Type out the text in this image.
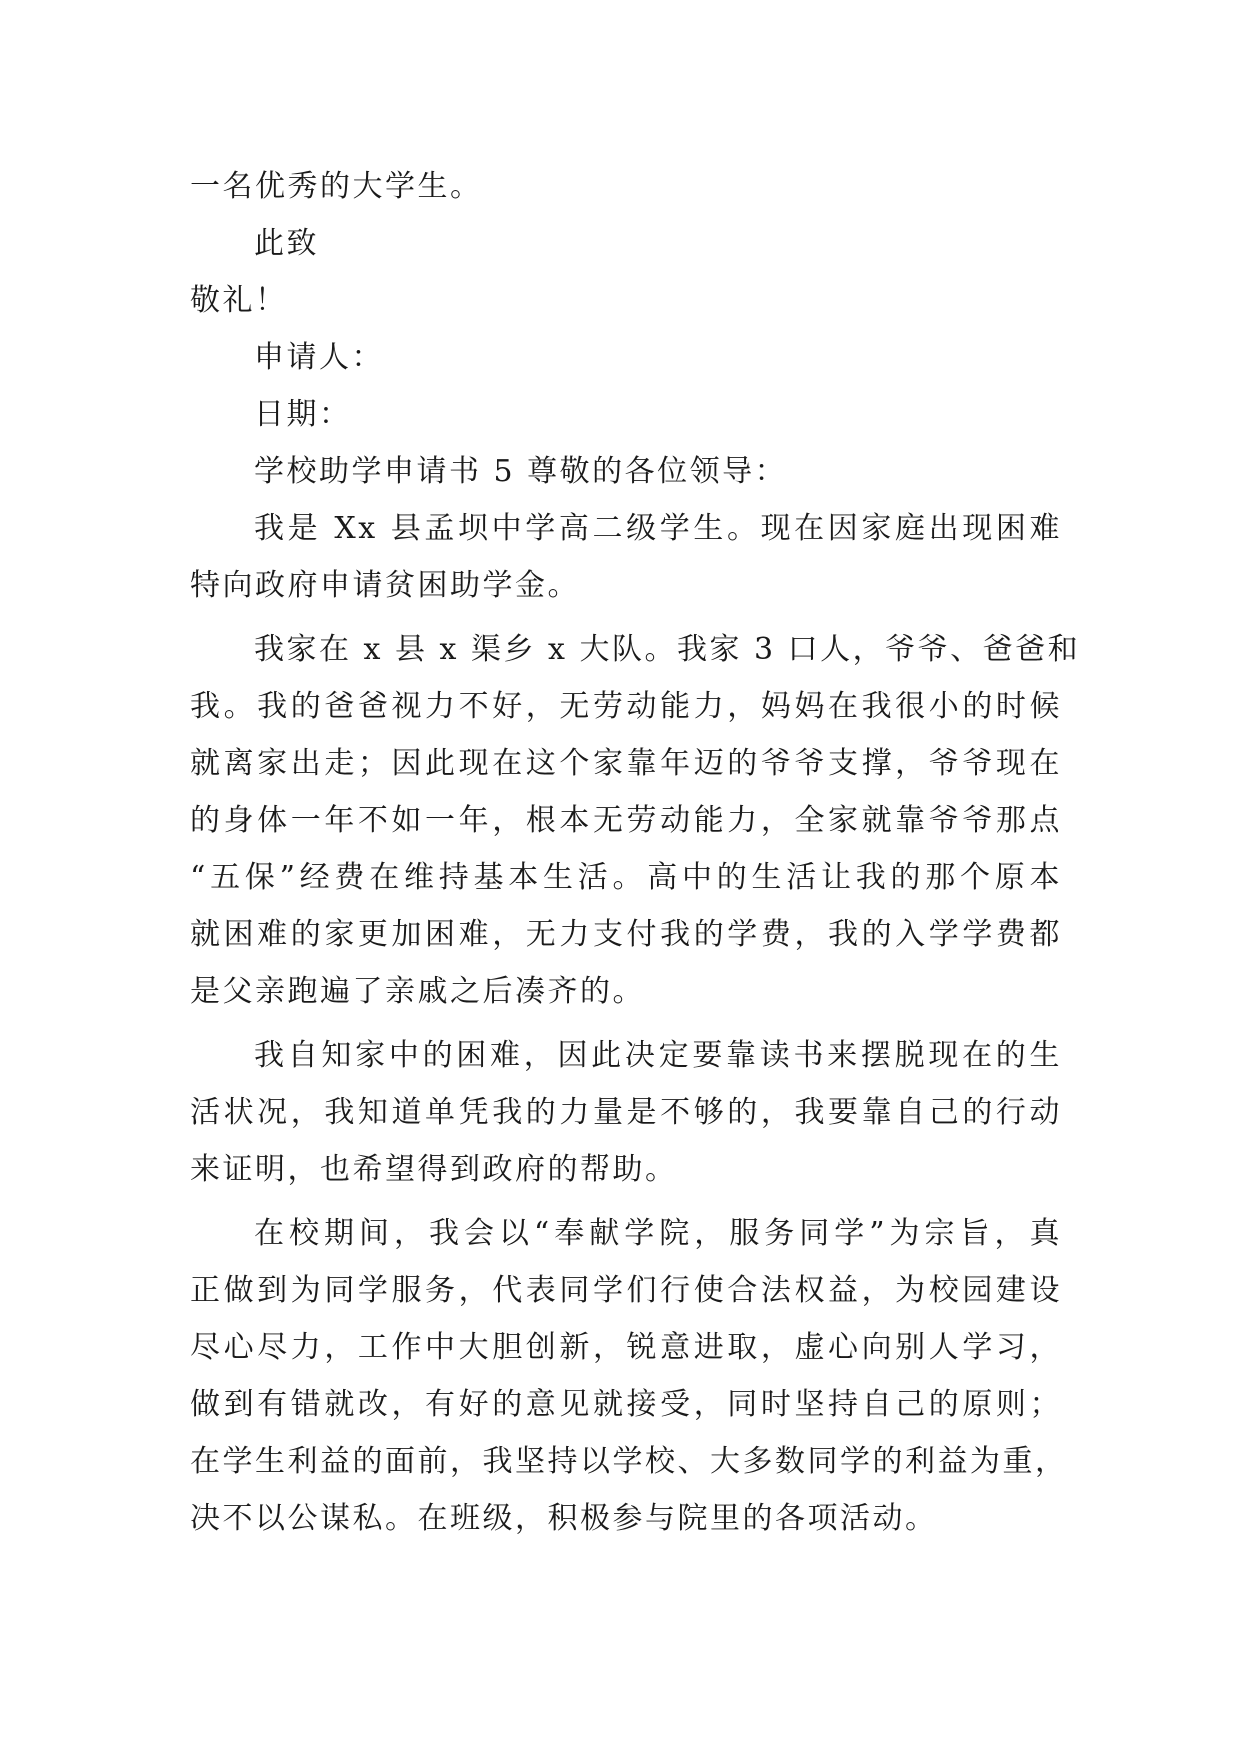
一名优秀的大学生。
此致
敬礼！
申请人：
日期：
学校助学申请书 5 尊敬的各位领导：
我是 Xx 县孟坝中学高二级学生。现在因家庭出现困难
特向政府申请贫困助学金。
我家在 x 县 x 渠乡 x 大队。我家 3 口人，爷爷、爸爸和
我。我的爸爸视力不好，无劳动能力，妈妈在我很小的时候
就离家出走；因此现在这个家靠年迈的爷爷支撑，爷爷现在
的身体一年不如一年，根本无劳动能力，全家就靠爷爷那点
“五保”经费在维持基本生活。高中的生活让我的那个原本
就困难的家更加困难，无力支付我的学费，我的入学学费都
是父亲跑遍了亲戚之后凑齐的。
我自知家中的困难，因此决定要靠读书来摆脱现在的生
活状况，我知道单凭我的力量是不够的，我要靠自己的行动
来证明，也希望得到政府的帮助。
在校期间，我会以“奉献学院，服务同学”为宗旨，真
正做到为同学服务，代表同学们行使合法权益，为校园建设
尽心尽力，工作中大胆创新，锐意进取，虚心向别人学习，
做到有错就改，有好的意见就接受，同时坚持自己的原则；
在学生利益的面前，我坚持以学校、大多数同学的利益为重，
决不以公谋私。在班级，积极参与院里的各项活动。
